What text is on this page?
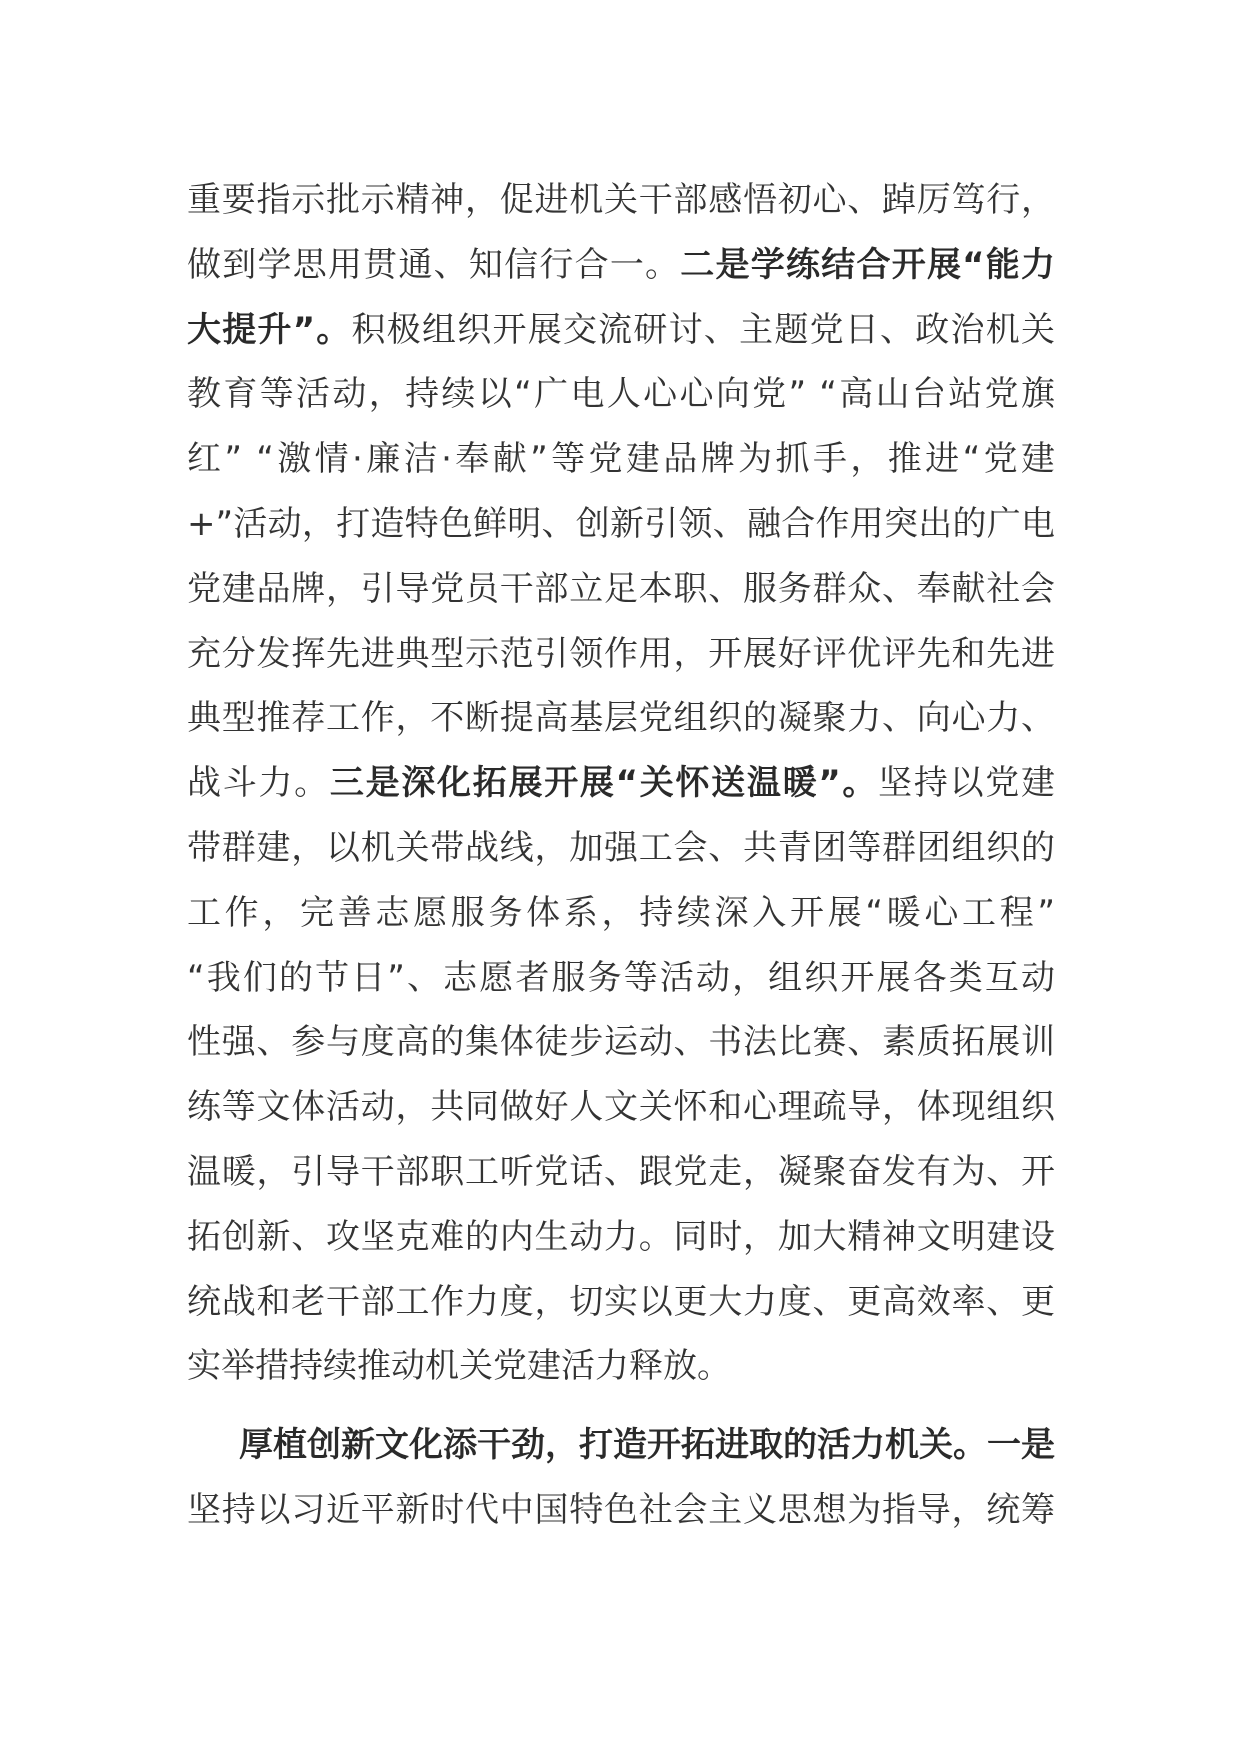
重要指示批示精神，促进机关干部感悟初心、踔厉笃行，
做到学思用贯通、知信行合一。二是学练结合开展“能力
大提升”。积极组织开展交流研讨、主题党日、政治机关
教育等活动，持续以“广电人心心向党” “高山台站党旗
红” “激情·廉洁·奉献”等党建品牌为抓手，推进“党建
+”活动，打造特色鲜明、创新引领、融合作用突出的广电
党建品牌，引导党员干部立足本职、服务群众、奉献社会
充分发挥先进典型示范引领作用，开展好评优评先和先进
典型推荐工作，不断提高基层党组织的凝聚力、向心力、
战斗力。三是深化拓展开展“关怀送温暖”。坚持以党建
带群建，以机关带战线，加强工会、共青团等群团组织的
工作，完善志愿服务体系，持续深入开展“暖心工程”
“我们的节日”、志愿者服务等活动，组织开展各类互动
性强、参与度高的集体徒步运动、书法比赛、素质拓展训
练等文体活动，共同做好人文关怀和心理疏导，体现组织
温暖，引导干部职工听党话、跟党走，凝聚奋发有为、开
拓创新、攻坚克难的内生动力。同时，加大精神文明建设
统战和老干部工作力度，切实以更大力度、更高效率、更
实举措持续推动机关党建活力释放。
厚植创新文化添干劲，打造开拓进取的活力机关。一是
坚持以习近平新时代中国特色社会主义思想为指导，统筹
